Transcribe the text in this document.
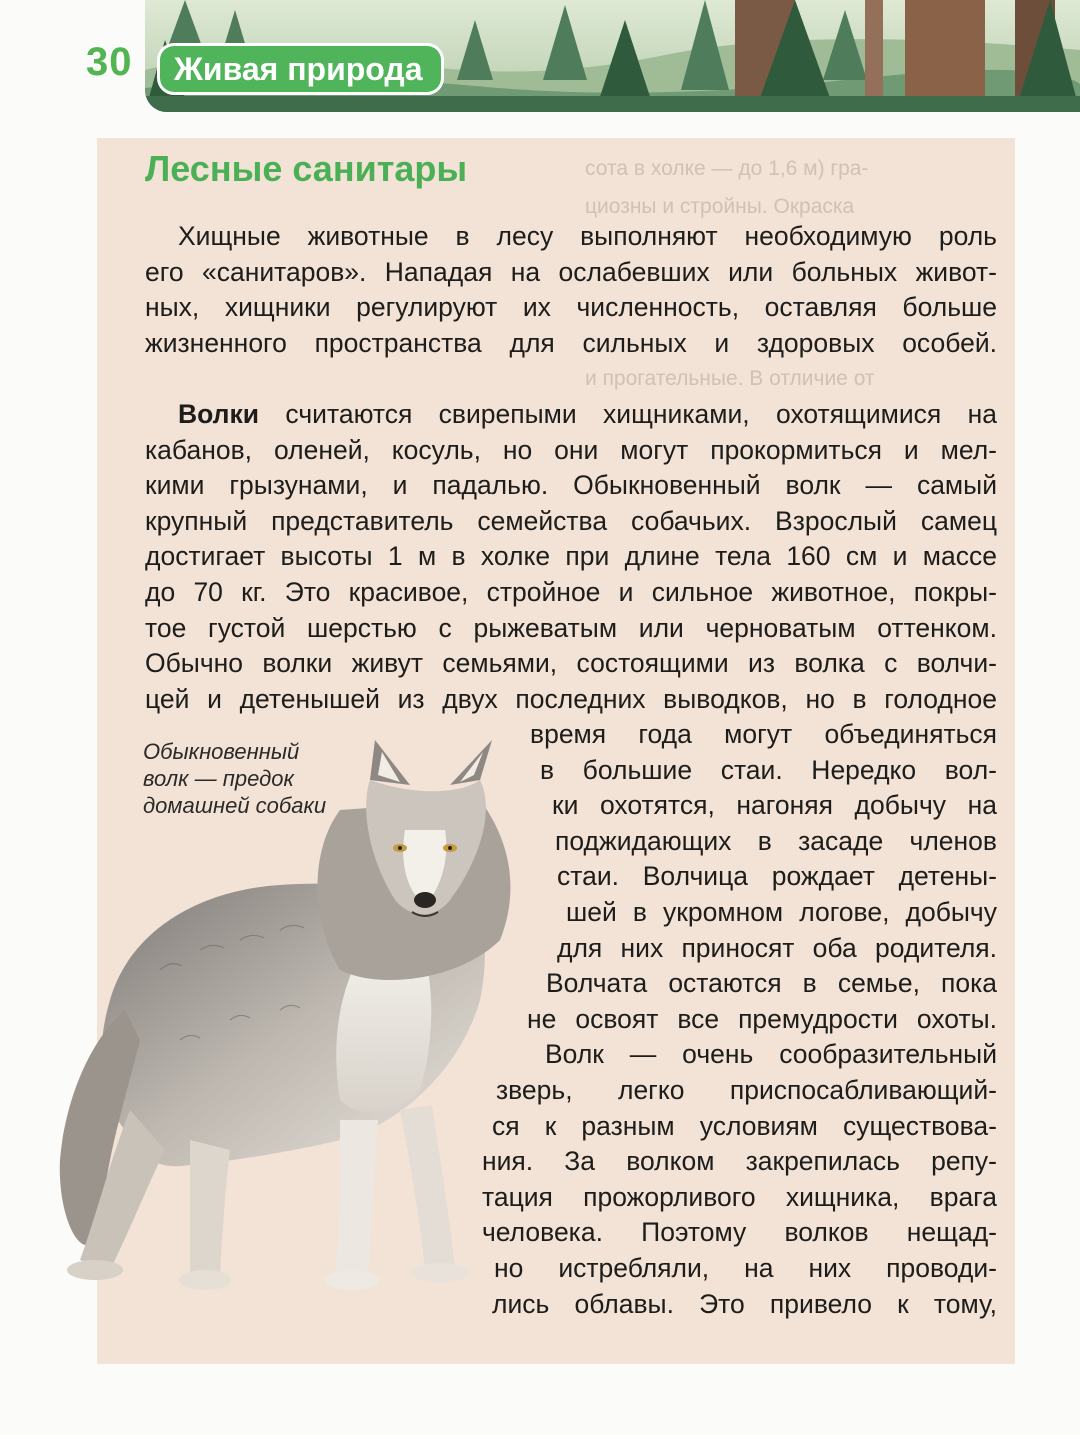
30	Живая природа
сота в холке — до 1,6 м) гра-
циозны и стройны. Окраска
и прогательные. В отличие от
Лесные санитары
Хищные животные в лесу выполняют необходимую роль
его «санитаров». Нападая на ослабевших или больных живот-
ных, хищники регулируют их численность, оставляя больше
жизненного пространства для сильных и здоровых особей.
Волки считаются свирепыми хищниками, охотящимися на
кабанов, оленей, косуль, но они могут прокормиться и мел-
кими грызунами, и падалью. Обыкновенный волк — самый
крупный представитель семейства собачьих. Взрослый самец
достигает высоты 1 м в холке при длине тела 160 см и массе
до 70 кг. Это красивое, стройное и сильное животное, покры-
тое густой шерстью с рыжеватым или черноватым оттенком.
Обычно волки живут семьями, состоящими из волка с волчи-
цей и детенышей из двух последних выводков, но в голодное
время года могут объединяться
в большие стаи. Нередко вол-
ки охотятся, нагоняя добычу на
поджидающих в засаде членов
стаи. Волчица рождает детены-
шей в укромном логове, добычу
для них приносят оба родителя.
Волчата остаются в семье, пока
не освоят все премудрости охоты.
Волк — очень сообразительный
зверь, легко приспосабливающий-
ся к разным условиям существова-
ния. За волком закрепилась репу-
тация прожорливого хищника, врага
человека. Поэтому волков нещад-
но истребляли, на них проводи-
лись облавы. Это привело к тому,
Обыкновенный волк — предок домашней собаки
